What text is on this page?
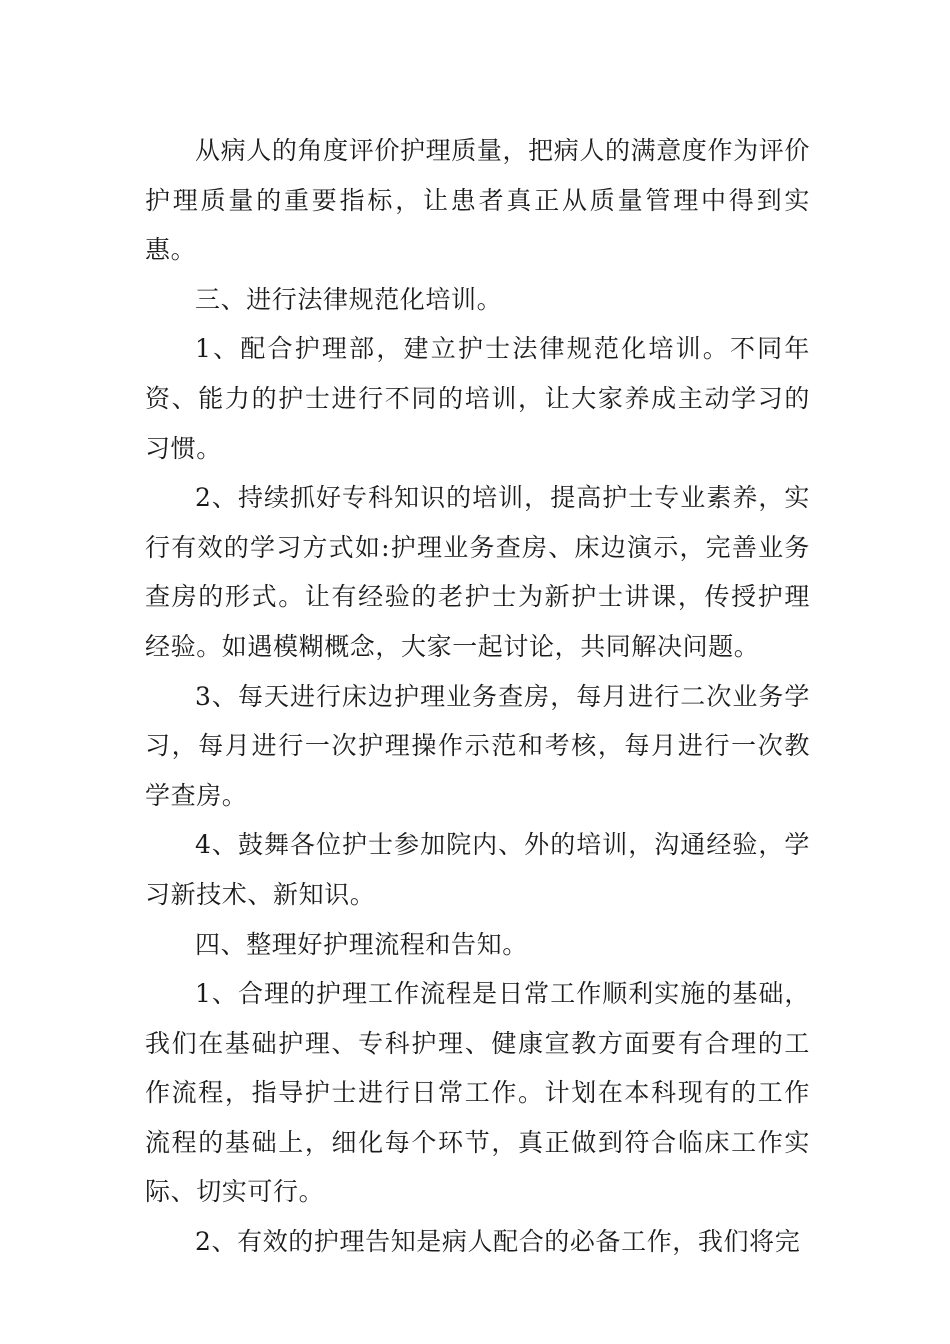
从病人的角度评价护理质量，把病人的满意度作为评价护理质量的重要指标，让患者真正从质量管理中得到实惠。

三、进行法律规范化培训。

1、配合护理部，建立护士法律规范化培训。不同年资、能力的护士进行不同的培训，让大家养成主动学习的习惯。

2、持续抓好专科知识的培训，提高护士专业素养，实行有效的学习方式如:护理业务查房、床边演示，完善业务查房的形式。让有经验的老护士为新护士讲课，传授护理经验。如遇模糊概念，大家一起讨论，共同解决问题。

3、每天进行床边护理业务查房，每月进行二次业务学习，每月进行一次护理操作示范和考核，每月进行一次教学查房。

4、鼓舞各位护士参加院内、外的培训，沟通经验，学习新技术、新知识。

四、整理好护理流程和告知。

1、合理的护理工作流程是日常工作顺利实施的基础，我们在基础护理、专科护理、健康宣教方面要有合理的工作流程，指导护士进行日常工作。计划在本科现有的工作流程的基础上，细化每个环节，真正做到符合临床工作实际、切实可行。

2、有效的护理告知是病人配合的必备工作，我们将完
